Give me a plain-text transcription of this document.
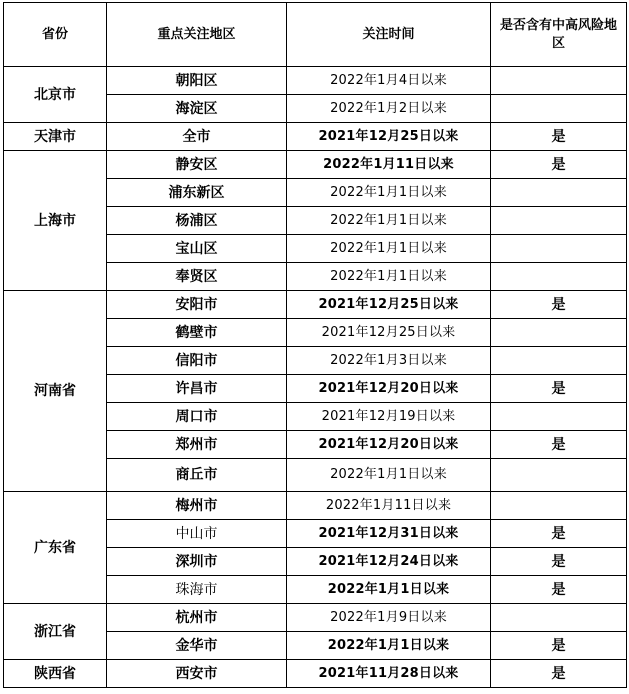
省份	重点关注地区	关注时间	是否含有中高风险地区
北京市	朝阳区	2022年1月4日以来	
	海淀区	2022年1月2日以来	
天津市	全市	2021年12月25日以来	是
上海市	静安区	2022年1月11日以来	是
	浦东新区	2022年1月1日以来	
	杨浦区	2022年1月1日以来	
	宝山区	2022年1月1日以来	
	奉贤区	2022年1月1日以来	
河南省	安阳市	2021年12月25日以来	是
	鹤壁市	2021年12月25日以来	
	信阳市	2022年1月3日以来	
	许昌市	2021年12月20日以来	是
	周口市	2021年12月19日以来	
	郑州市	2021年12月20日以来	是
	商丘市	2022年1月1日以来	
广东省	梅州市	2022年1月11日以来	
	中山市	2021年12月31日以来	是
	深圳市	2021年12月24日以来	是
	珠海市	2022年1月1日以来	是
浙江省	杭州市	2022年1月9日以来	
	金华市	2022年1月1日以来	是
陕西省	西安市	2021年11月28日以来	是
